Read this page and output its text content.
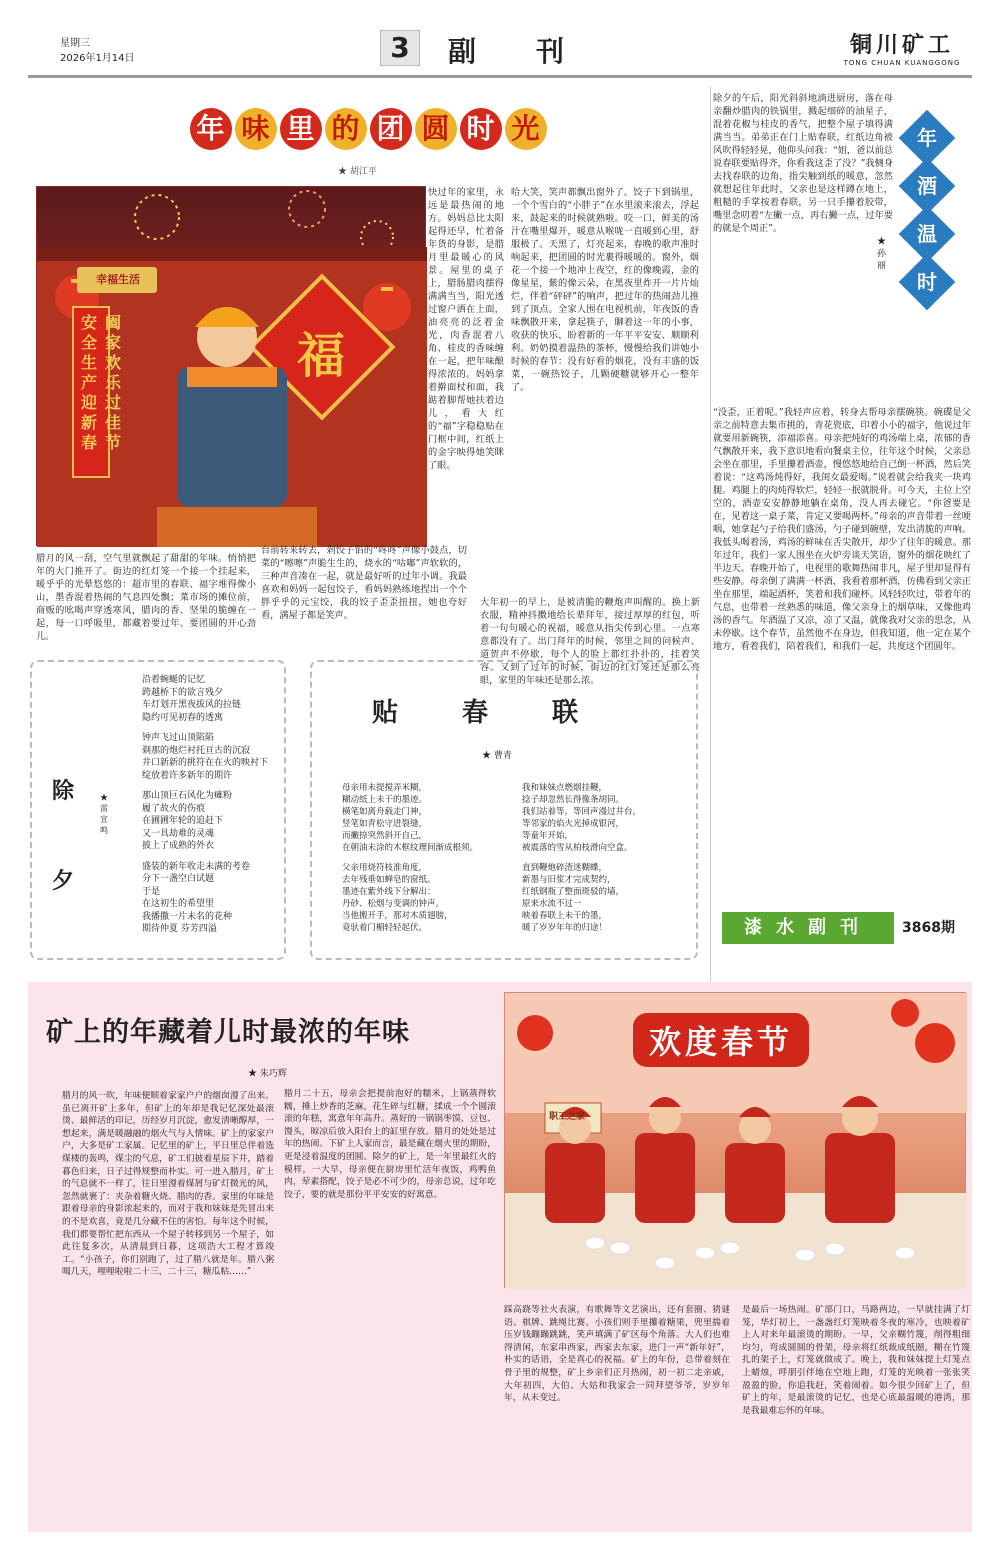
星期三
2026年1月14日	3	副刊	铜川矿工
TONG CHUAN KUANGGONG
年 味 里 的 团 圆 时 光
★ 胡江平
幸福生活
安全生产迎新春
阖家欢乐过佳节
福
快过年的家里，永远是最热闹的地方。妈妈总比太阳起得还早，忙着备年货的身影，是腊月里最暖心的风景。屋里的桌子上，腊肠腊肉摆得满满当当，阳光透过窗户洒在上面，油亮亮的泛着金光，肉香混着八角、桂皮的香味缠在一起，把年味酿得浓浓的。妈妈拿着擀面杖和面，我踮着脚帮她扶着边儿，看大红的“福”字稳稳贴在门框中间，红纸上的金字映得她笑眯了眼。
哈大笑，笑声都飘出窗外了。饺子下到锅里，一个个雪白的“小胖子”在水里滚来滚去，浮起来，鼓起来的时候就熟啦。咬一口，鲜美的汤汁在嘴里爆开，暖意从喉咙一直暖到心里，舒服极了。天黑了，灯亮起来，春晚的歌声准时响起来，把团圆的时光裹得暖暖的。窗外，烟花一个接一个地冲上夜空，红的像晚霞，金的像星星，紫的像云朵，在黑夜里炸开一片片灿烂，伴着“砰砰”的响声，把过年的热闹劲儿推到了顶点。全家人围在电视机前，年夜饭的香味飘散开来，拿起筷子，聊着这一年的小事，收获的快乐、盼着新的一年平平安安、顺顺利利。奶奶摸着温热的茶杯，慢慢给我们讲她小时候的春节：没有好看的烟花，没有丰盛的饭菜，一碗热饺子，几颗硬糖就够开心一整年了。
大年初一的早上，是被清脆的鞭炮声叫醒的。换上新衣服，精神抖擞地给长辈拜年，接过厚厚的红包，听着一句句暖心的祝福，暖意从指尖传到心里。一点寒意都没有了。出门拜年的时候，邻里之间的问候声、道贺声不停歇，每个人的脸上都红扑扑的，挂着笑容。又到了过年的时候，街边的红灯笼还是那么亮眼，家里的年味还是那么浓。
腊月的风一刮，空气里就飘起了甜甜的年味。悄悄把年的大门推开了。街边的红灯笼一个接一个挂起来，暖乎乎的光晕悠悠的：超市里的春联、福字堆得像小山，墨香混着热闹的气息四处飘；菜市场的摊位前，商贩的吆喝声穿透寒风，腊肉的香、坚果的脆缠在一起，每一口呼吸里，都藏着要过年、要团圆的开心劲儿。
台前转来转去，剁饺子馅的“咚咚”声像小鼓点，切菜的“嚓嚓”声脆生生的，烧水的“咕嘟”声软软的，三种声音凑在一起，就是最好听的过年小调。我最喜欢和妈妈一起包饺子，看妈妈熟练地捏出一个个胖乎乎的元宝饺，我的饺子歪歪扭扭，她也夸好看，满屋子都是笑声。
除夕的午后，阳光斜斜地淌进厨房，落在母亲翻炒腊肉的铁锅里，溅起细碎的油星子，混着花椒与桂皮的香气，把整个屋子填得满满当当。弟弟正在门上贴春联，红纸边角被风吹得轻轻晃，他仰头问我：“姐，爸以前总说春联要贴得齐，你看我这歪了没？”我侧身去找春联的边角，指尖触到纸的暖意，忽然就想起往年此时，父亲也是这样蹲在地上，粗糙的手掌按着春联，另一只手攥着胶带，嘴里念叨着“左撇一点，再右撇一点，过年要的就是个周正”。
年
酒
温
时
★ 孙丽
“没歪，正着呢。”我轻声应着，转身去帮母亲摆碗筷。碗碟是父亲之前特意去集市挑的，青花瓷底，印着小小的福字，他说过年就要用新碗筷，添福添喜。母亲把炖好的鸡汤端上桌，浓郁的香气飘散开来，我下意识地看向餐桌主位，往年这个时候，父亲总会坐在那里，手里攥着酒壶，慢悠悠地给自己倒一杯酒，然后笑着说：“这鸡汤炖得好，我闺女最爱喝。”说着就会给我夹一块鸡腿。鸡腿上的肉炖得软烂，轻轻一抿就脱骨。可今天，主位上空空的，酒壶安安静静地躺在桌角，没人再去碰它。“你爸要是在，见着这一桌子菜，肯定又要喝两杯。”母亲的声音带着一丝哽咽，她拿起勺子给我们盛汤，勺子碰到碗壁，发出清脆的声响。我低头喝着汤，鸡汤的鲜味在舌尖散开，却少了往年的暖意。那年过年，我们一家人围坐在火炉旁谈天笑语，窗外的烟花映红了半边天。春晚开始了，电视里的歌舞热闹非凡，屋子里却显得有些安静。母亲倒了满满一杯酒，我看着那杯酒，仿佛看到父亲正坐在那里，端起酒杯，笑着和我们碰杯。风轻轻吹过，带着年的气息，也带着一丝熟悉的味道，像父亲身上的烟草味，又像他鸡汤的香气。年酒温了又凉，凉了又温，就像我对父亲的思念，从未停歇。这个春节，虽然他不在身边，但我知道，他一定在某个地方，看着我们，陪着我们，和我们一起，共度这个团圆年。
除夕
★ 雷宣鸣
沿着蜿蜒的记忆
跨越桥下的欲言残夕
车灯划开黑夜拔风的拉链
隐约可见初春的透寓
钟声飞过山顶陷陷
剃那的炮烂衬托亘古的沉寂
井口新新的挑符在在火的映衬下
绽放着许多新年的期许
那山顶巨石风化为瘫粉
履了故火的伤痕
在圃圃年轮的追赶下
又一具劫难的灵魂
披上了成熟的外衣
盛装的新年收走未满的考卷
分下一盏空白试题
于是
在这初生的希望里
我播撒一片未名的花种
期待仲夏 芬芳四溢
贴春联
★ 曹青
母亲用未提搅弄米糊，
糊动纸上未干的墨迹。
横笔如离舟载走门神，
竖笔如青松守进裂缝，
而撇捺突然斜开自己，
在朝油未涂的木框纹理间渐成根须。
父亲用烧符枝准角度，
去年残垂如蝉皂的窗纸。
墨迹在紫外线下分解出：
丹砂、松烟与变调的钟声。
当他搬开手，那对木质翅膀，
竟驮着门楣轻轻起伏。
我和妹妹点燃烟挂鞭，
捻子却忽然长得像条胡同。
我们站着等，等回声漫过井台，
等邻家的焰火光掉成银河，
等童年开始，
被震落的雪从柏枝滑向空盒。
直到鞭炮碎渣迷糊蝶，
新墨与旧浆才完成契约，
红纸钢瓶了整面斑驳的墙，
原来水流不过一
映着春联上未干的墨，
暖了岁岁年年的归途！	漆水副刊	3868期
矿上的年藏着儿时最浓的年味
★ 朱巧辉
欢度春节
职工之家
腊月的风一吹，年味便顺着家家户户的烟囱漫了出来。虽已离开矿上多年，但矿上的年却是我记忆深处最滚烫、最鲜活的印记，历经岁月沉淀，愈发清晰醇厚，一想起来，满是暖融融的烟火气与人情味。矿上的家家户户，大多是矿工家属。记忆里的矿上，平日里总伴着选煤楼的轰鸣，煤尘的气息，矿工们披着星辰下井，踏着暮色归来，日子过得规整而朴实。可一进入腊月，矿上的气息就不一样了，往日里漫着煤屑与矿灯微光的风，忽然就裹了：夹杂着糖火烧、腊肉的香。家里的年味是跟着母亲的身影浓起来的，而对于我和妹妹是先冒出来的不是欢喜，竟是几分藏不住的害怕。每年这个时候，我们都要帮忙把东西从一个屋子转移到另一个屋子，如此往复多次，从清晨到日暮，这项浩大工程才算竣工。“小孩子，你们别跑了，过了腊八就是年。腊八粥喝几天，哩哩啦啦二十三，二十三，糖瓜粘……”
腊月二十五，母亲会把提前泡好的糯米，上锅蒸得软糯，捶上炒香的芝麻，花生碎与红糖，揉成一个个圆滚滚的年糕，寓意年年高升。蒸好的一锅锅枣馍、豆包、馒头，晾凉后放入阳台上的缸里存放。腊月的处处是过年的热闹。下矿上人家而言，最是藏在烟火里的期盼，更是浸着温度的团圆。除夕的矿上，是一年里最红火的模样，一大早，母亲便在厨房里忙活年夜饭，鸡鸭鱼肉，荤素搭配，饺子是必不可少的，母亲总说，过年吃饺子，要的就是那份平平安安的好寓意。
踩高跷等社火表演，有歌舞等文艺演出，还有套圈、猜谜语、棋牌、跳绳比赛。小孩们则手里攥着糖果，兜里揣着压岁钱蹦蹦跳跳，笑声填满了矿区每个角落。大人们也难得清闲，东家串西家，西家去东家，进门一声“新年好”，朴实的话语，全是真心的祝福。矿上的年份，总带着刻在骨子里的规整，矿上乡亲们正月热闹，初一初二走亲戚，大年初四，大伯、大姑和我家会一同拜望爷爷，岁岁年年，从未变过。
是最后一场热闹。矿部门口，马路两边，一早就挂满了灯笼，华灯初上，一盏盏红灯笼映着冬夜的寒冷，也映着矿上人对来年最滚烫的期盼。一早，父亲糊竹篾，削得粗细均匀，弯成圆圆的骨架，母亲将红纸裁成纸圈，糊在竹篾扎的架子上，灯笼就做成了。晚上，我和妹妹提上灯笼点上蜡烛，呼朋引伴地在空地上跑，灯笼的光映着一张张笑盈盈的脸，你追我赶，笑着闹着。如今很少回矿上了，但矿上的年，是最滚烫的记忆，也是心底最温暖的港湾，那是我最难忘怀的年味。
